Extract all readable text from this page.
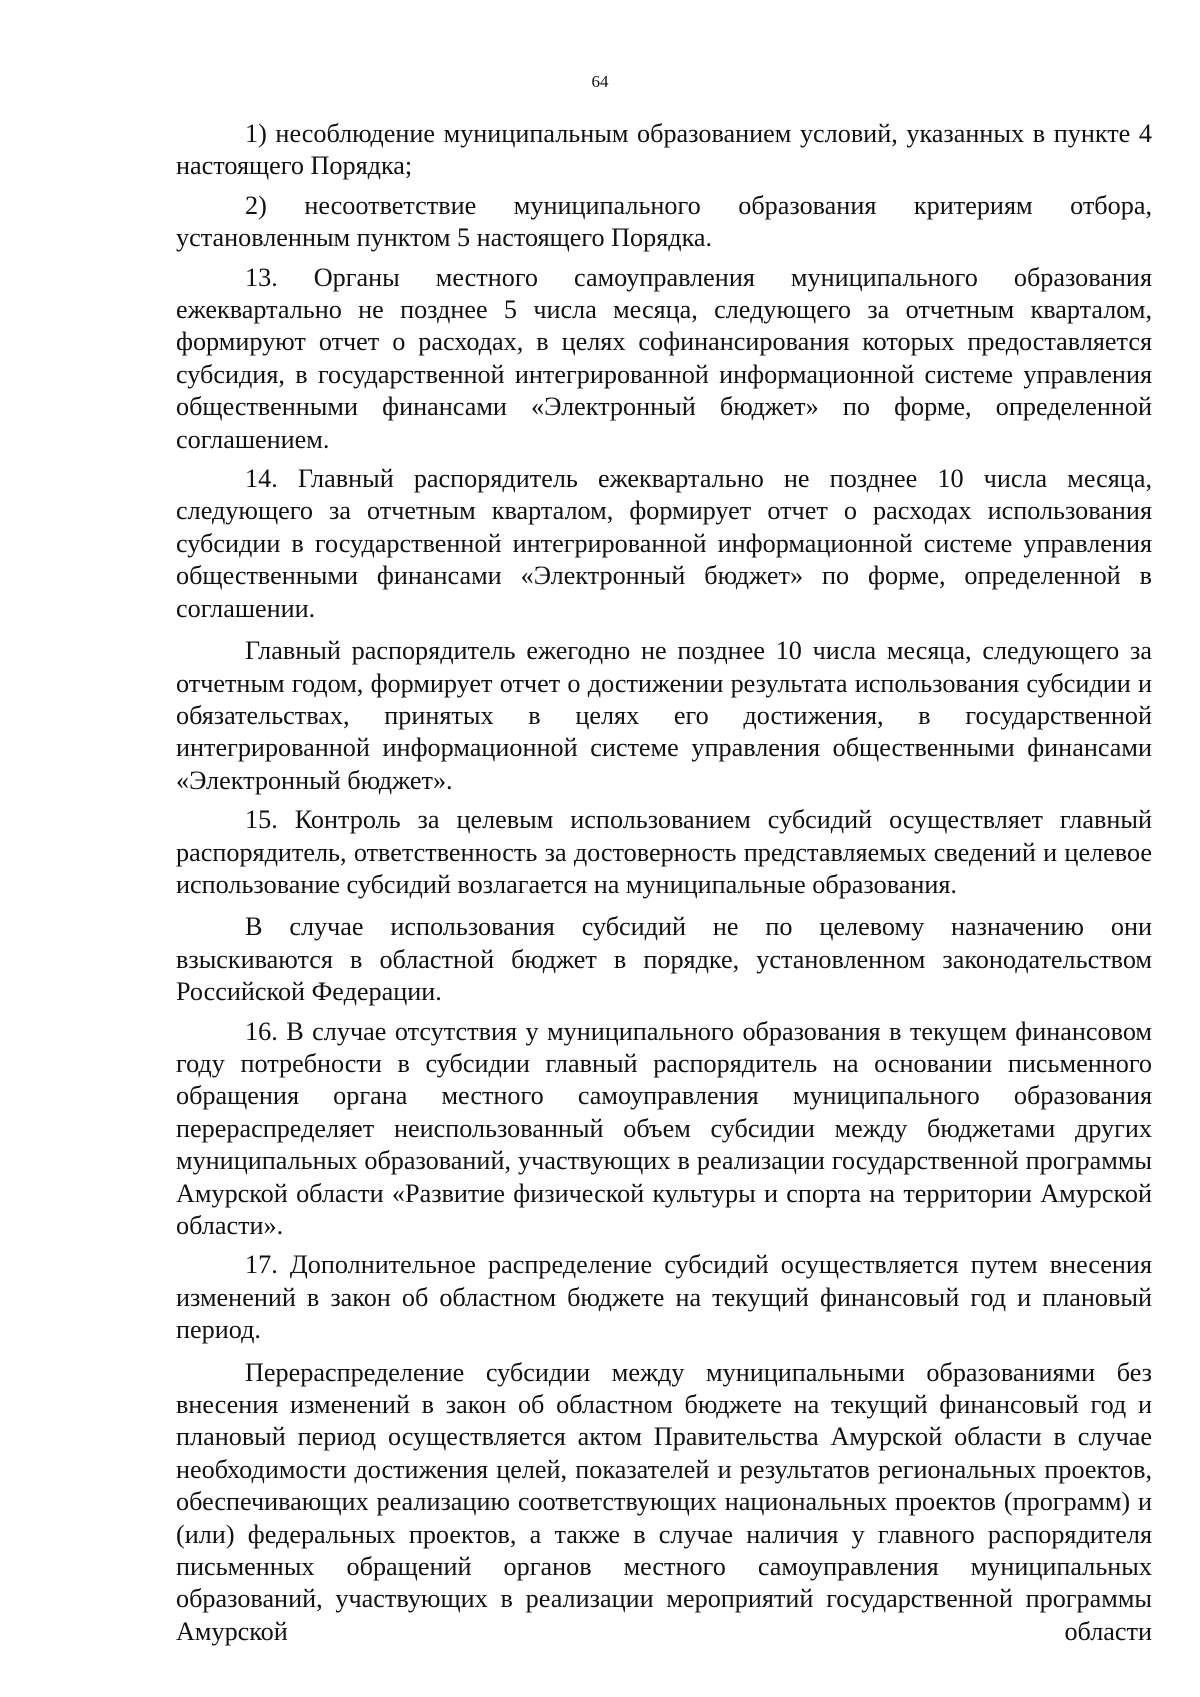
64

1) несоблюдение муниципальным образованием условий, указанных в пункте 4 настоящего Порядка;

2) несоответствие муниципального образования критериям отбора, установленным пунктом 5 настоящего Порядка.

13. Органы местного самоуправления муниципального образования ежеквартально не позднее 5 числа месяца, следующего за отчетным кварталом, формируют отчет о расходах, в целях софинансирования которых предоставляется субсидия, в государственной интегрированной информационной системе управления общественными финансами «Электронный бюджет» по форме, определенной соглашением.

14. Главный распорядитель ежеквартально не позднее 10 числа месяца, следующего за отчетным кварталом, формирует отчет о расходах использования субсидии в государственной интегрированной информационной системе управления общественными финансами «Электронный бюджет» по форме, определенной в соглашении.

Главный распорядитель ежегодно не позднее 10 числа месяца, следующего за отчетным годом, формирует отчет о достижении результата использования субсидии и обязательствах, принятых в целях его достижения, в государственной интегрированной информационной системе управления общественными финансами «Электронный бюджет».

15. Контроль за целевым использованием субсидий осуществляет главный распорядитель, ответственность за достоверность представляемых сведений и целевое использование субсидий возлагается на муниципальные образования.

В случае использования субсидий не по целевому назначению они взыскиваются в областной бюджет в порядке, установленном законодательством Российской Федерации.

16. В случае отсутствия у муниципального образования в текущем финансовом году потребности в субсидии главный распорядитель на основании письменного обращения органа местного самоуправления муниципального образования перераспределяет неиспользованный объем субсидии между бюджетами других муниципальных образований, участвующих в реализации государственной программы Амурской области «Развитие физической культуры и спорта на территории Амурской области».

17. Дополнительное распределение субсидий осуществляется путем внесения изменений в закон об областном бюджете на текущий финансовый год и плановый период.

Перераспределение субсидии между муниципальными образованиями без внесения изменений в закон об областном бюджете на текущий финансовый год и плановый период осуществляется актом Правительства Амурской области в случае необходимости достижения целей, показателей и результатов региональных проектов, обеспечивающих реализацию соответствующих национальных проектов (программ) и (или) федеральных проектов, а также в случае наличия у главного распорядителя письменных обращений органов местного самоуправления муниципальных образований, участвующих в реализации мероприятий государственной программы Амурской области
